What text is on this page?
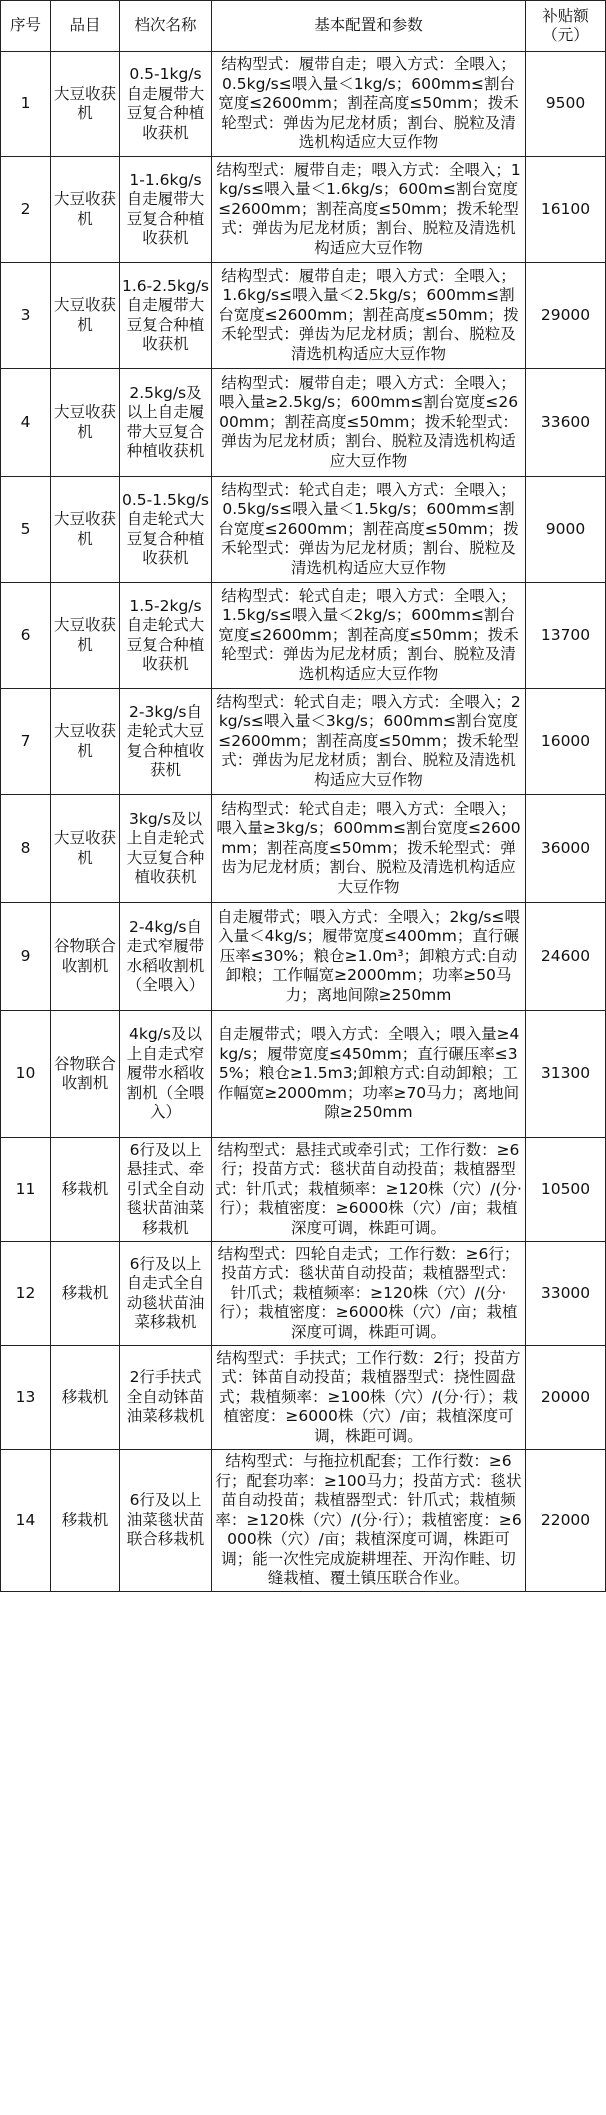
序号	品目	档次名称	基本配置和参数	补贴额
（元）

1	大豆收获机	0.5-1kg/s自走履带大豆复合种植收获机	结构型式：履带自走；喂入方式：全喂入；0.5kg/s≤喂入量＜1kg/s；600mm≤割台宽度≤2600mm；割茬高度≤50mm；拨禾轮型式：弹齿为尼龙材质；割台、脱粒及清选机构适应大豆作物	9500
2	大豆收获机	1-1.6kg/s自走履带大豆复合种植收获机	结构型式：履带自走；喂入方式：全喂入；1kg/s≤喂入量＜1.6kg/s；600m≤割台宽度≤2600mm；割茬高度≤50mm；拨禾轮型式：弹齿为尼龙材质；割台、脱粒及清选机构适应大豆作物	16100
3	大豆收获机	1.6-2.5kg/s自走履带大豆复合种植收获机	结构型式：履带自走；喂入方式：全喂入；1.6kg/s≤喂入量＜2.5kg/s；600mm≤割台宽度≤2600mm；割茬高度≤50mm；拨禾轮型式：弹齿为尼龙材质；割台、脱粒及清选机构适应大豆作物	29000
4	大豆收获机	2.5kg/s及以上自走履带大豆复合种植收获机	结构型式：履带自走；喂入方式：全喂入；喂入量≥2.5kg/s；600mm≤割台宽度≤2600mm；割茬高度≤50mm；拨禾轮型式：弹齿为尼龙材质；割台、脱粒及清选机构适应大豆作物	33600
5	大豆收获机	0.5-1.5kg/s自走轮式大豆复合种植收获机	结构型式：轮式自走；喂入方式：全喂入；0.5kg/s≤喂入量＜1.5kg/s；600mm≤割台宽度≤2600mm；割茬高度≤50mm；拨禾轮型式：弹齿为尼龙材质；割台、脱粒及清选机构适应大豆作物	9000
6	大豆收获机	1.5-2kg/s自走轮式大豆复合种植收获机	结构型式：轮式自走；喂入方式：全喂入；1.5kg/s≤喂入量＜2kg/s；600mm≤割台宽度≤2600mm；割茬高度≤50mm；拨禾轮型式：弹齿为尼龙材质；割台、脱粒及清选机构适应大豆作物	13700
7	大豆收获机	2-3kg/s自走轮式大豆复合种植收获机	结构型式：轮式自走；喂入方式：全喂入；2kg/s≤喂入量＜3kg/s；600mm≤割台宽度≤2600mm；割茬高度≤50mm；拨禾轮型式：弹齿为尼龙材质；割台、脱粒及清选机构适应大豆作物	16000
8	大豆收获机	3kg/s及以上自走轮式大豆复合种植收获机	结构型式：轮式自走；喂入方式：全喂入；喂入量≥3kg/s；600mm≤割台宽度≤2600mm；割茬高度≤50mm；拨禾轮型式：弹齿为尼龙材质；割台、脱粒及清选机构适应大豆作物	36000
9	谷物联合收割机	2-4kg/s自走式窄履带水稻收割机（全喂入）	自走履带式；喂入方式：全喂入；2kg/s≤喂入量＜4kg/s；履带宽度≤400mm；直行碾压率≤30%；粮仓≥1.0m³；卸粮方式:自动卸粮；工作幅宽≥2000mm；功率≥50马力；离地间隙≥250mm	24600
10	谷物联合收割机	4kg/s及以上自走式窄履带水稻收割机（全喂入）	自走履带式；喂入方式：全喂入；喂入量≥4kg/s；履带宽度≤450mm；直行碾压率≤35%；粮仓≥1.5m3;卸粮方式:自动卸粮；工作幅宽≥2000mm；功率≥70马力；离地间隙≥250mm	31300
11	移栽机	6行及以上悬挂式、牵引式全自动毯状苗油菜移栽机	结构型式：悬挂式或牵引式；工作行数：≥6行；投苗方式：毯状苗自动投苗；栽植器型式：针爪式；栽植频率：≥120株（穴）/(分·行）；栽植密度：≥6000株（穴）/亩；栽植深度可调，株距可调。	10500
12	移栽机	6行及以上自走式全自动毯状苗油菜移栽机	结构型式：四轮自走式；工作行数：≥6行；投苗方式：毯状苗自动投苗；栽植器型式：针爪式；栽植频率：≥120株（穴）/(分·行）；栽植密度：≥6000株（穴）/亩；栽植深度可调，株距可调。	33000
13	移栽机	2行手扶式全自动钵苗油菜移栽机	结构型式：手扶式；工作行数：2行；投苗方式：钵苗自动投苗；栽植器型式：挠性圆盘式；栽植频率：≥100株（穴）/(分·行）；栽植密度：≥6000株（穴）/亩；栽植深度可调，株距可调。	20000
14	移栽机	6行及以上油菜毯状苗联合移栽机	结构型式：与拖拉机配套；工作行数：≥6行；配套功率：≥100马力；投苗方式：毯状苗自动投苗；栽植器型式：针爪式；栽植频率：≥120株（穴）/(分·行）；栽植密度：≥6000株（穴）/亩；栽植深度可调，株距可调；能一次性完成旋耕埋茬、开沟作畦、切缝栽植、覆土镇压联合作业。	22000
